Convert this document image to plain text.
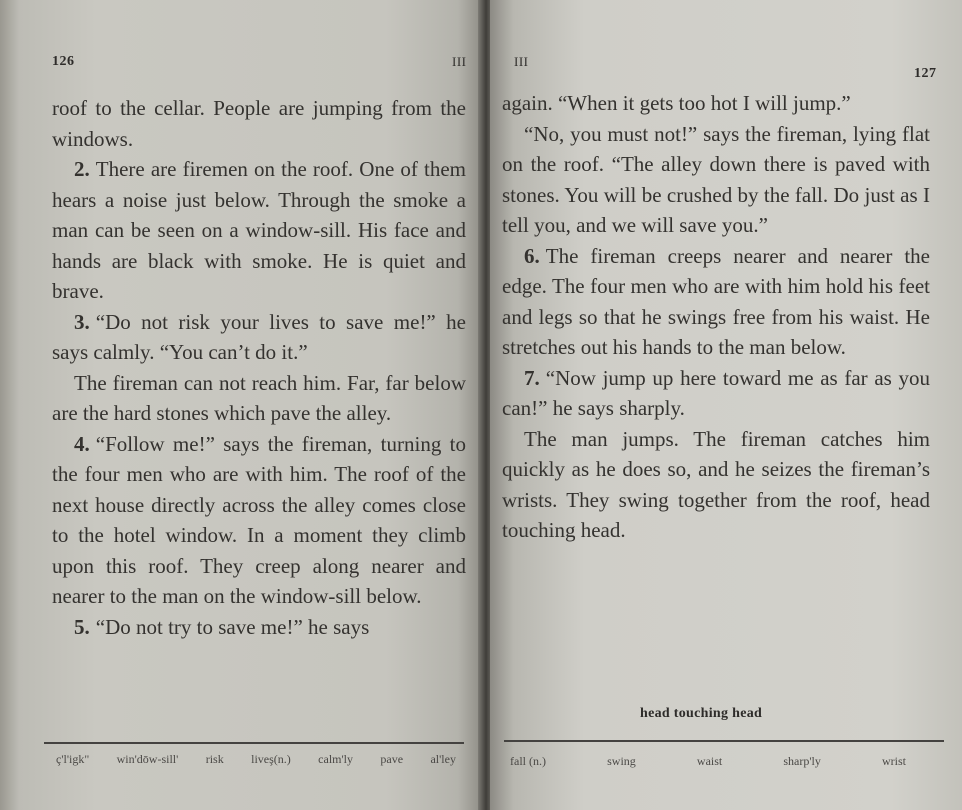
126	III

roof to the cellar. People are jumping from the windows.

2. There are firemen on the roof. One of them hears a noise just below. Through the smoke a man can be seen on a window-sill. His face and hands are black with smoke. He is quiet and brave.

3. “Do not risk your lives to save me!” he says calmly. “You can’t do it.”

The fireman can not reach him. Far, far below are the hard stones which pave the alley.

4. “Follow me!” says the fireman, turning to the four men who are with him. The roof of the next house directly across the alley comes close to the hotel window. In a moment they climb upon this roof. They creep along nearer and nearer to the man on the window-sill below.

5. “Do not try to save me!” he says

ç'l'igk" win'dōw-sill' risk liveş(n.) calm'ly pave al'ley
III
127

again. “When it gets too hot I will jump.”

“No, you must not!” says the fireman, lying flat on the roof. “The alley down there is paved with stones. You will be crushed by the fall. Do just as I tell you, and we will save you.”

6. The fireman creeps nearer and nearer the edge. The four men who are with him hold his feet and legs so that he swings free from his waist. He stretches out his hands to the man below.

7. “Now jump up here toward me as far as you can!” he says sharply.

The man jumps. The fireman catches him quickly as he does so, and he seizes the fireman’s wrists. They swing together from the roof, head touching head.

head touching head
fall (n.)	swing	waist	sharp'ly	wrist
